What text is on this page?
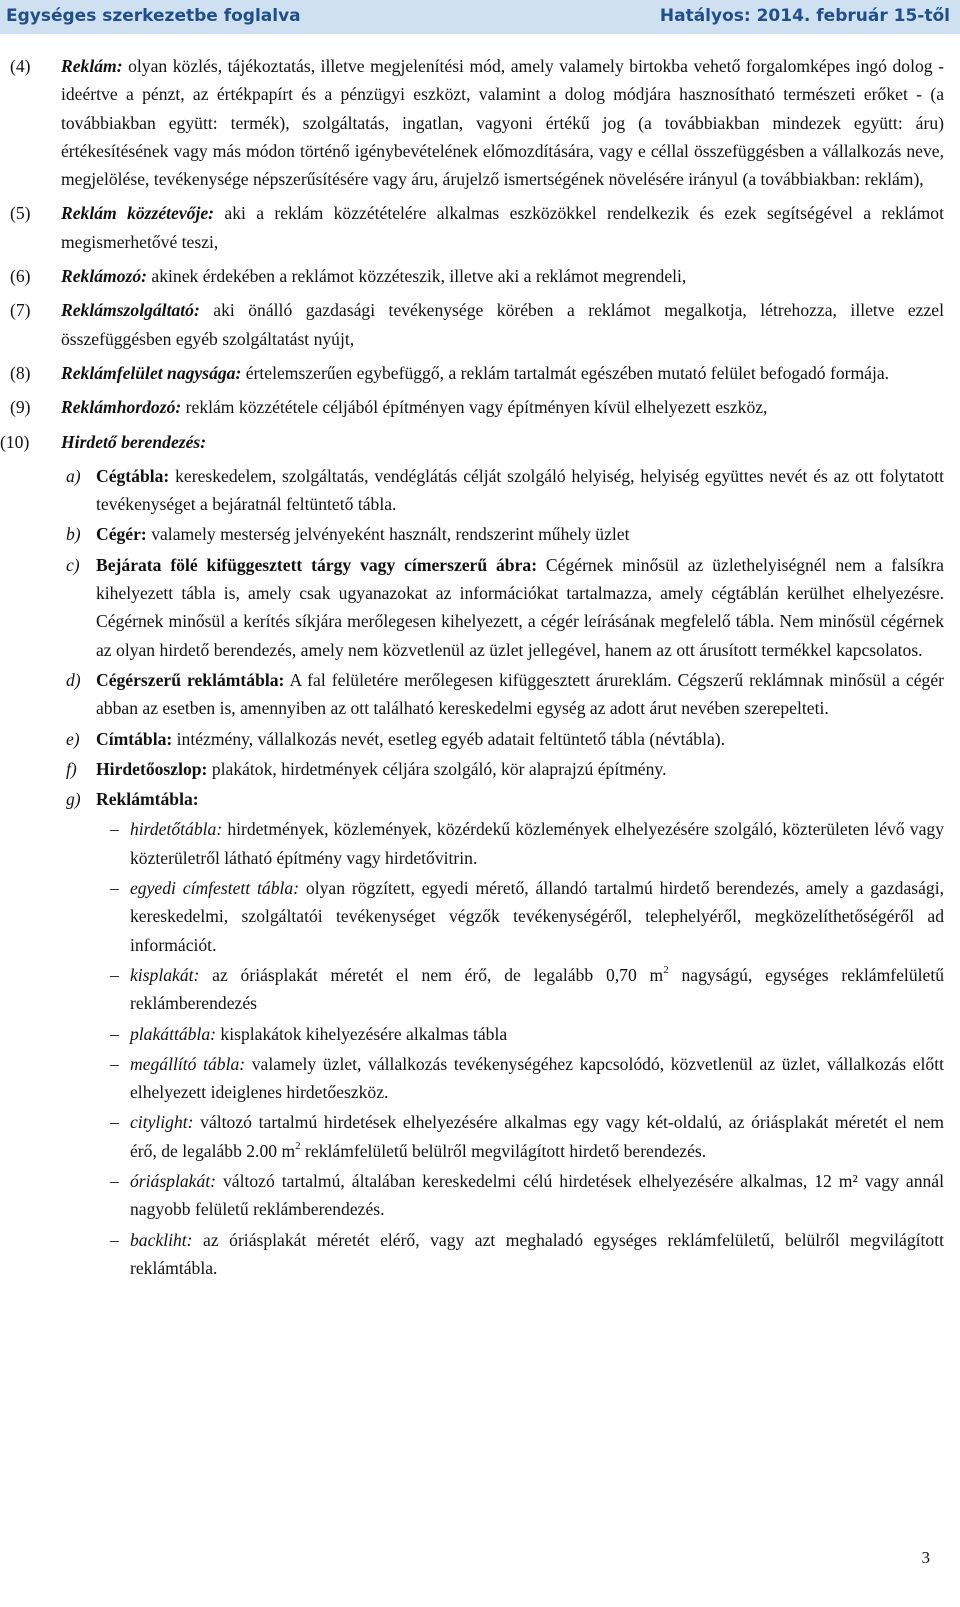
Egységes szerkezetbe foglalva	Hatályos: 2014. február 15-től
(4) Reklám: olyan közlés, tájékoztatás, illetve megjelenítési mód, amely valamely birtokba vehető forgalomképes ingó dolog - ideértve a pénzt, az értékpapírt és a pénzügyi eszközt, valamint a dolog módjára hasznosítható természeti erőket - (a továbbiakban együtt: termék), szolgáltatás, ingatlan, vagyoni értékű jog (a továbbiakban mindezek együtt: áru) értékesítésének vagy más módon történő igénybevételének előmozdítására, vagy e céllal összefüggésben a vállalkozás neve, megjelölése, tevékenysége népszerűsítésére vagy áru, árujelző ismertségének növelésére irányul (a továbbiakban: reklám),
(5) Reklám közzétevője: aki a reklám közzétételére alkalmas eszközökkel rendelkezik és ezek segítségével a reklámot megismerhetővé teszi,
(6) Reklámozó: akinek érdekében a reklámot közzéteszik, illetve aki a reklámot megrendeli,
(7) Reklámszolgáltató: aki önálló gazdasági tevékenysége körében a reklámot megalkotja, létrehozza, illetve ezzel összefüggésben egyéb szolgáltatást nyújt,
(8) Reklámfelület nagysága: értelemszerűen egybefüggő, a reklám tartalmát egészében mutató felület befogadó formája.
(9) Reklámhordozó: reklám közzététele céljából építményen vagy építményen kívül elhelyezett eszköz,
(10) Hirdető berendezés:
a) Cégtábla: kereskedelem, szolgáltatás, vendéglátás célját szolgáló helyiség, helyiség együttes nevét és az ott folytatott tevékenységet a bejáratnál feltüntető tábla.
b) Cégér: valamely mesterség jelvényeként használt, rendszerint műhely üzlet
c) Bejárata fölé kifüggesztett tárgy vagy címerszerű ábra: Cégérnek minősül az üzlethelyiségnél nem a falsíkra kihelyezett tábla is, amely csak ugyanazokat az információkat tartalmazza, amely cégtáblán kerülhet elhelyezésre. Cégérnek minősül a kerítés síkjára merőlegesen kihelyezett, a cégér leírásának megfelelő tábla. Nem minősül cégérnek az olyan hirdető berendezés, amely nem közvetlenül az üzlet jellegével, hanem az ott árusított termékkel kapcsolatos.
d) Cégérszerű reklámtábla: A fal felületére merőlegesen kifüggesztett árureklám. Cégszerű reklámnak minősül a cégér abban az esetben is, amennyiben az ott található kereskedelmi egység az adott árut nevében szerepelteti.
e) Címtábla: intézmény, vállalkozás nevét, esetleg egyéb adatait feltüntető tábla (névtábla).
f) Hirdetőoszlop: plakátok, hirdetmények céljára szolgáló, kör alaprajzú építmény.
g) Reklámtábla:
– hirdetőtábla: hirdetmények, közlemények, közérdekű közlemények elhelyezésére szolgáló, közterületen lévő vagy közterületről látható építmény vagy hirdetővitrin.
– egyedi címfestett tábla: olyan rögzített, egyedi mérető, állandó tartalmú hirdető berendezés, amely a gazdasági, kereskedelmi, szolgáltatói tevékenységet végzők tevékenységéről, telephelyéről, megközelíthetőségéről ad információt.
– kisplakát: az óriásplakát méretét el nem érő, de legalább 0,70 $m^2$ nagyságú, egységes reklámfelületű reklámberendezés
– plakáttábla: kisplakátok kihelyezésére alkalmas tábla
– megállító tábla: valamely üzlet, vállalkozás tevékenységéhez kapcsolódó, közvetlenül az üzlet, vállalkozás előtt elhelyezett ideiglenes hirdetőeszköz.
– citylight: változó tartalmú hirdetések elhelyezésére alkalmas egy vagy két-oldalú, az óriásplakát méretét el nem érő, de legalább 2.00 $m^2$ reklámfelületű belülről megvilágított hirdető berendezés.
– óriásplakát: változó tartalmú, általában kereskedelmi célú hirdetések elhelyezésére alkalmas, 12 m² vagy annál nagyobb felületű reklámberendezés.
– backliht: az óriásplakát méretét elérő, vagy azt meghaladó egységes reklámfelületű, belülről megvilágított reklámtábla.
3
